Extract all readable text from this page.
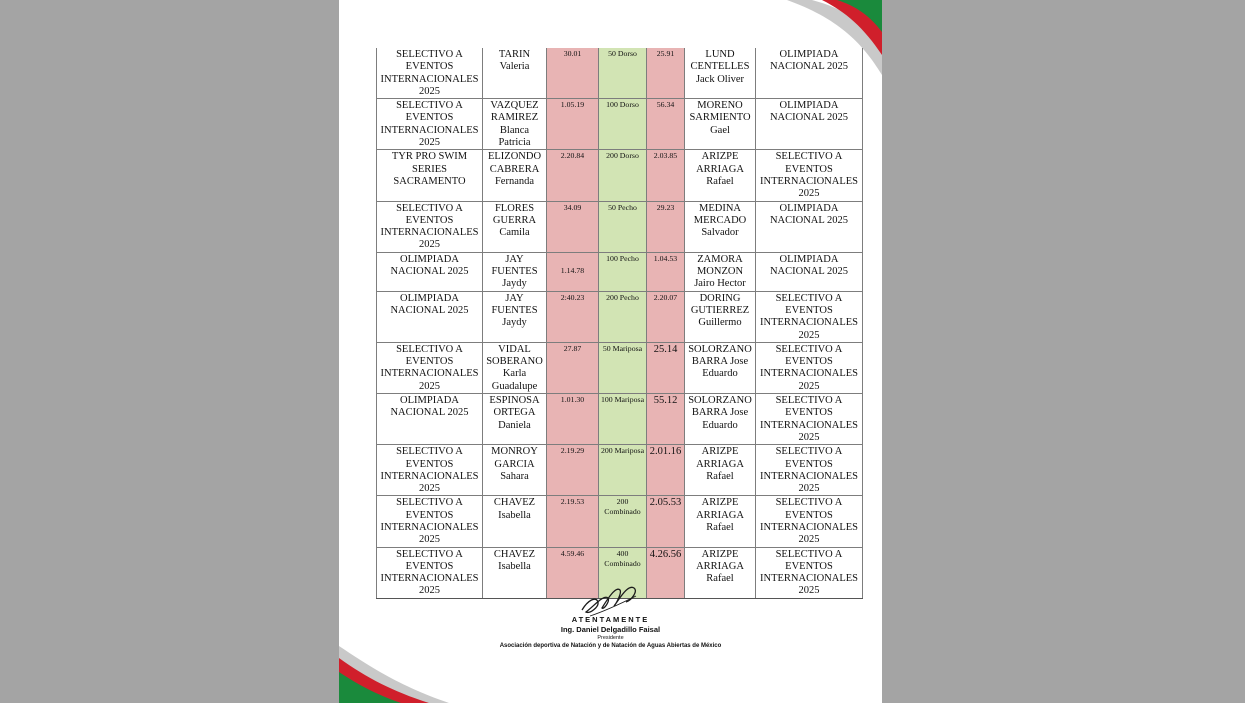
SELECTIVO A EVENTOS INTERNACIONALES 2025	TARIN Valeria	30.01	50 Dorso	25.91	LUND CENTELLES Jack Oliver	OLIMPIADA NACIONAL 2025
SELECTIVO A EVENTOS INTERNACIONALES 2025	VAZQUEZ RAMIREZ Blanca Patricia	1.05.19	100 Dorso	56.34	MORENO SARMIENTO Gael	OLIMPIADA NACIONAL 2025
TYR PRO SWIM SERIES SACRAMENTO	ELIZONDO CABRERA Fernanda	2.20.84	200 Dorso	2.03.85	ARIZPE ARRIAGA Rafael	SELECTIVO A EVENTOS INTERNACIONALES 2025
SELECTIVO A EVENTOS INTERNACIONALES 2025	FLORES GUERRA Camila	34.09	50 Pecho	29.23	MEDINA MERCADO Salvador	OLIMPIADA NACIONAL 2025
OLIMPIADA NACIONAL 2025	JAY FUENTES Jaydy	1.14.78	100 Pecho	1.04.53	ZAMORA MONZON Jairo Hector	OLIMPIADA NACIONAL 2025
OLIMPIADA NACIONAL 2025	JAY FUENTES Jaydy	2:40.23	200 Pecho	2.20.07	DORING GUTIERREZ Guillermo	SELECTIVO A EVENTOS INTERNACIONALES 2025
SELECTIVO A EVENTOS INTERNACIONALES 2025	VIDAL SOBERANO Karla Guadalupe	27.87	50 Mariposa	25.14	SOLORZANO BARRA Jose Eduardo	SELECTIVO A EVENTOS INTERNACIONALES 2025
OLIMPIADA NACIONAL 2025	ESPINOSA ORTEGA Daniela	1.01.30	100 Mariposa	55.12	SOLORZANO BARRA Jose Eduardo	SELECTIVO A EVENTOS INTERNACIONALES 2025
SELECTIVO A EVENTOS INTERNACIONALES 2025	MONROY GARCIA Sahara	2.19.29	200 Mariposa	2.01.16	ARIZPE ARRIAGA Rafael	SELECTIVO A EVENTOS INTERNACIONALES 2025
SELECTIVO A EVENTOS INTERNACIONALES 2025	CHAVEZ Isabella	2.19.53	200 Combinado	2.05.53	ARIZPE ARRIAGA Rafael	SELECTIVO A EVENTOS INTERNACIONALES 2025
SELECTIVO A EVENTOS INTERNACIONALES 2025	CHAVEZ Isabella	4.59.46	400 Combinado	4.26.56	ARIZPE ARRIAGA Rafael	SELECTIVO A EVENTOS INTERNACIONALES 2025
ATENTAMENTE
Ing. Daniel Delgadillo Faisal
Presidente
Asociación deportiva de Natación y de Natación de Aguas Abiertas de México
